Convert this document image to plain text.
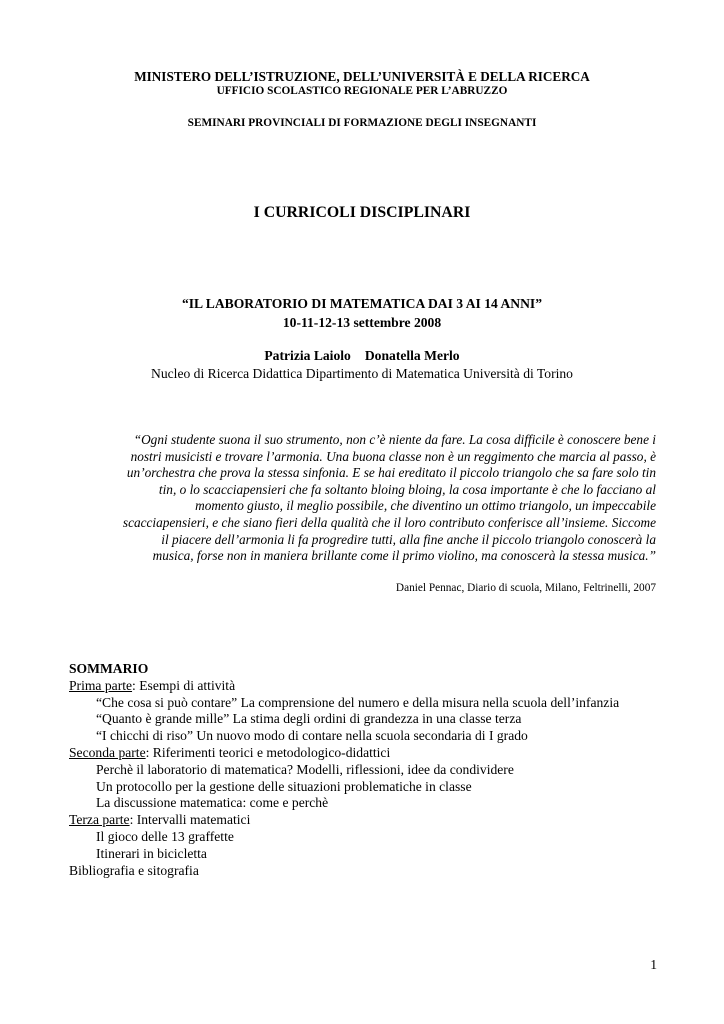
MINISTERO DELL’ISTRUZIONE, DELL’UNIVERSITÀ E DELLA RICERCA
UFFICIO SCOLASTICO REGIONALE PER L’ABRUZZO
SEMINARI PROVINCIALI DI FORMAZIONE DEGLI INSEGNANTI
I CURRICOLI DISCIPLINARI
“IL LABORATORIO DI MATEMATICA DAI 3 AI 14 ANNI”
10-11-12-13 settembre 2008
Patrizia Laiolo Donatella Merlo
Nucleo di Ricerca Didattica Dipartimento di Matematica Università di Torino
“Ogni studente suona il suo strumento, non c’è niente da fare. La cosa difficile è conoscere bene i
nostri musicisti e trovare l’armonia. Una buona classe non è un reggimento che marcia al passo, è
un’orchestra che prova la stessa sinfonia. E se hai ereditato il piccolo triangolo che sa fare solo tin
tin, o lo scacciapensieri che fa soltanto bloing bloing, la cosa importante è che lo facciano al
momento giusto, il meglio possibile, che diventino un ottimo triangolo, un impeccabile
scacciapensieri, e che siano fieri della qualità che il loro contributo conferisce all’insieme. Siccome
il piacere dell’armonia li fa progredire tutti, alla fine anche il piccolo triangolo conoscerà la
musica, forse non in maniera brillante come il primo violino, ma conoscerà la stessa musica.”
Daniel Pennac, Diario di scuola, Milano, Feltrinelli, 2007
SOMMARIO
Prima parte: Esempi di attività
“Che cosa si può contare” La comprensione del numero e della misura nella scuola dell’infanzia
“Quanto è grande mille” La stima degli ordini di grandezza in una classe terza
“I chicchi di riso” Un nuovo modo di contare nella scuola secondaria di I grado
Seconda parte: Riferimenti teorici e metodologico-didattici
Perchè il laboratorio di matematica? Modelli, riflessioni, idee da condividere
Un protocollo per la gestione delle situazioni problematiche in classe
La discussione matematica: come e perchè
Terza parte: Intervalli matematici
Il gioco delle 13 graffette
Itinerari in bicicletta
Bibliografia e sitografia
1
